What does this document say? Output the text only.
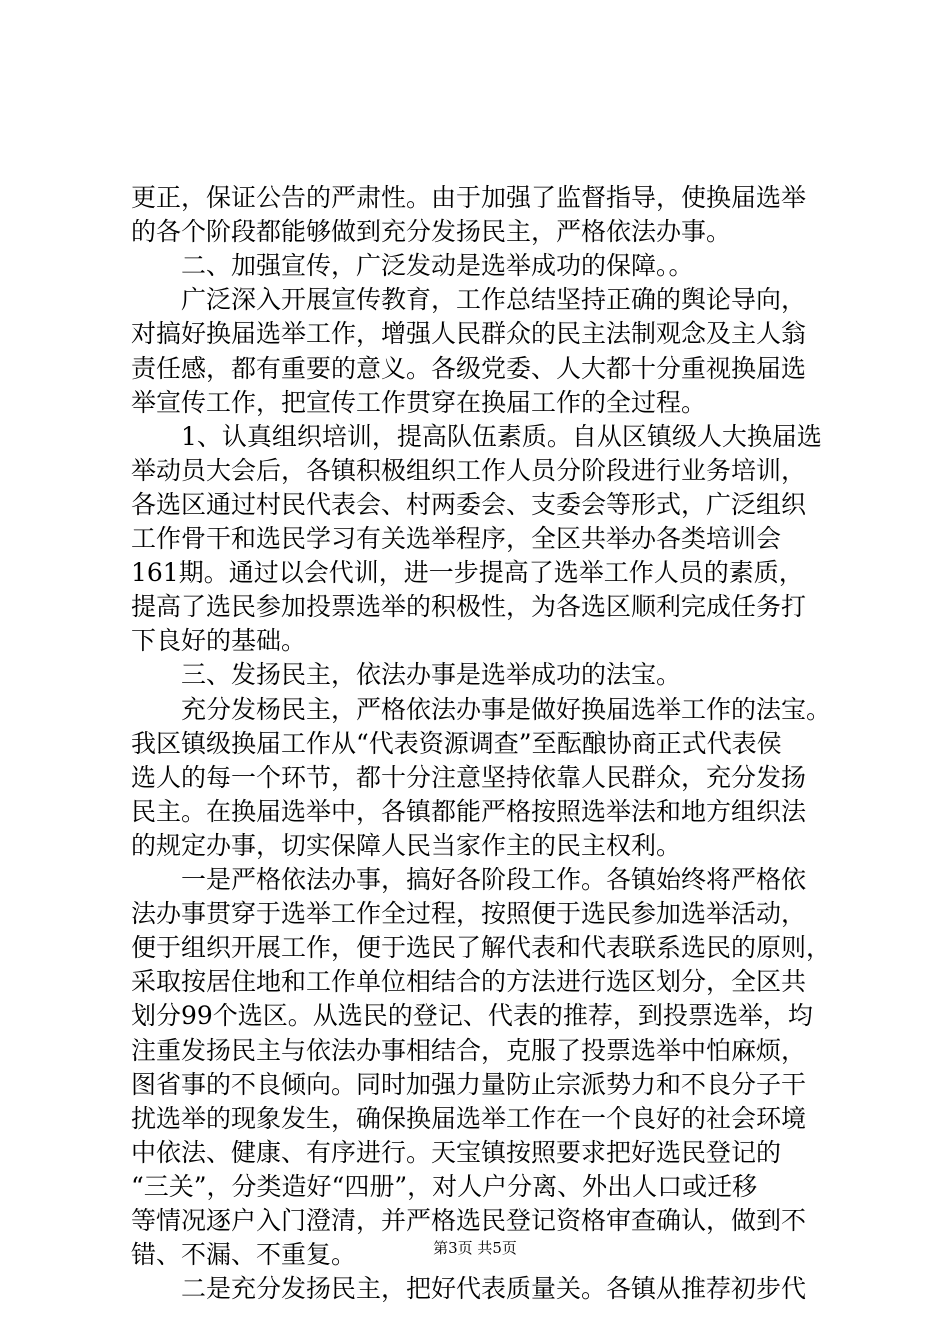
更正，保证公告的严肃性。由于加强了监督指导，使换届选举
的各个阶段都能够做到充分发扬民主，严格依法办事。
二、加强宣传，广泛发动是选举成功的保障。。
广泛深入开展宣传教育，工作总结坚持正确的舆论导向，
对搞好换届选举工作，增强人民群众的民主法制观念及主人翁
责任感，都有重要的意义。各级党委、人大都十分重视换届选
举宣传工作，把宣传工作贯穿在换届工作的全过程。
1、认真组织培训，提高队伍素质。自从区镇级人大换届选
举动员大会后，各镇积极组织工作人员分阶段进行业务培训，
各选区通过村民代表会、村两委会、支委会等形式，广泛组织
工作骨干和选民学习有关选举程序，全区共举办各类培训会
161期。通过以会代训，进一步提高了选举工作人员的素质，
提高了选民参加投票选举的积极性，为各选区顺利完成任务打
下良好的基础。
三、发扬民主，依法办事是选举成功的法宝。
充分发杨民主，严格依法办事是做好换届选举工作的法宝。
我区镇级换届工作从“代表资源调查”至酝酿协商正式代表侯
选人的每一个环节，都十分注意坚持依靠人民群众，充分发扬
民主。在换届选举中，各镇都能严格按照选举法和地方组织法
的规定办事，切实保障人民当家作主的民主权利。
一是严格依法办事，搞好各阶段工作。各镇始终将严格依
法办事贯穿于选举工作全过程，按照便于选民参加选举活动，
便于组织开展工作，便于选民了解代表和代表联系选民的原则，
采取按居住地和工作单位相结合的方法进行选区划分，全区共
划分99个选区。从选民的登记、代表的推荐，到投票选举，均
注重发扬民主与依法办事相结合，克服了投票选举中怕麻烦，
图省事的不良倾向。同时加强力量防止宗派势力和不良分子干
扰选举的现象发生，确保换届选举工作在一个良好的社会环境
中依法、健康、有序进行。天宝镇按照要求把好选民登记的
“三关”，分类造好“四册”，对人户分离、外出人口或迁移
等情况逐户入门澄清，并严格选民登记资格审查确认，做到不
错、不漏、不重复。
二是充分发扬民主，把好代表质量关。各镇从推荐初步代
第3页 共5页
